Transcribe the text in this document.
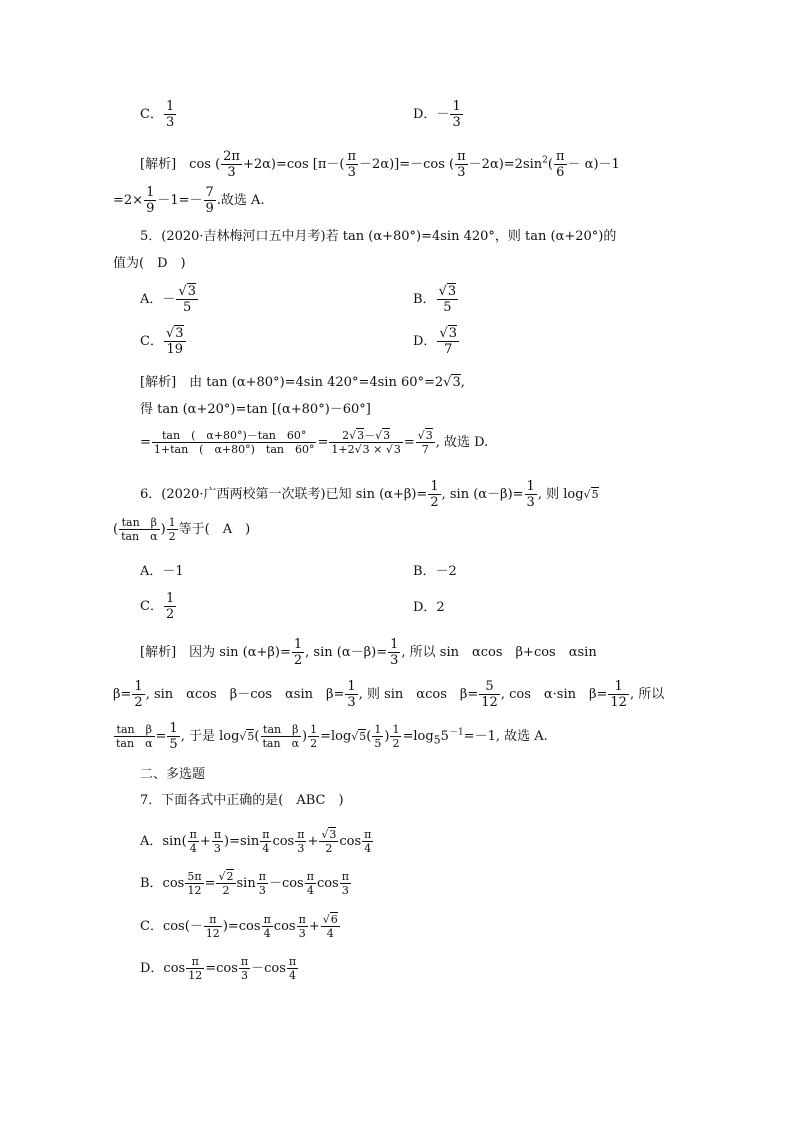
C． $\frac{1}{3}$	D．－ $\frac{1}{3}$
[解析]　 cos ( $\frac{2\pi}{3} +2\alpha)=\cos$ $[\pi-( \frac{\pi}{3} -2\alpha)]=-\cos$ ( $\frac{\pi}{3} -2\alpha)=2\sin^2( \frac{\pi}{6} - \alpha)-1$
$=2\times \frac{1}{9} -1=- \frac{7}{9}$ .故选 A.
5．(2020·吉林梅河口五中月考)若 tan (α+80°)=4sin 420°，则 tan (α+20°)的
值为(　D　)
A．－ $\frac{√3}{5}$	B． $\frac{√3}{5}$
C． $\frac{√3}{19}$	D． $\frac{√3}{7}$
[解析]　 由 tan (α+80°)=4sin 420°=4sin 60°=2√3,
得 tan (α+20°)=tan [(α+80°)－60°]
= $\frac{\tan ( \alpha+80^\circ)-\tan 60^\circ}{1+\tan ( \alpha+80^\circ) \tan 60^\circ} = \frac{2√3-√3}{1+2√3 \times √3} = \frac{√3}{7}$ , 故选 D.
6．(2020·广西两校第一次联考)已知 $\sin (\alpha+\beta)= \frac{1}{2}$ , $\sin (\alpha-\beta)= \frac{1}{3}$ , 则 log√5
( $\frac{\text{tan　β}}{\text{tan　α}}$ ) $\frac{1}{2}$ 等于(　A　)
A．－1	B．－2
C． $\frac{1}{2}$	D．2
[解析]　 因为 $\sin (\alpha+\beta)= \frac{1}{2}$ , $\sin (\alpha-\beta)= \frac{1}{3}$ , 所以 sin　αcos　β+cos　αsin
$\beta= \frac{1}{2}$ , sin　αcos　β－cos　αsin　$\beta= \frac{1}{3}$ , 则 sin　αcos　$\beta= \frac{5}{12}$ , cos　α·sin　$\beta= \frac{1}{12}$ , 所以
$\frac{\text{tan　β}}{\text{tan　α}} = \frac{1}{5}$ , 于是 $\log√5( \frac{\text{tan　β}}{\text{tan　α}}$ ) $\frac{1}{2} =\log√5( \frac{1}{5}$ ) $\frac{1}{2} =\log_55^{-1}=-1$, 故选 A.
二、多选题
7．下面各式中正确的是(　ABC　)
A．$\sin( \frac{\pi}{4} + \frac{\pi}{3} )=\sin \frac{\pi}{4}$ $\cos \frac{\pi}{3} + \frac{√3}{2}$ $\cos \frac{\pi}{4}$
B．$\cos \frac{5\pi}{12} = \frac{√2}{2}$ $\sin \frac{\pi}{3} -\cos \frac{\pi}{4}$ $\cos \frac{\pi}{3}$
C．$\cos(- \frac{\pi}{12} )=\cos \frac{\pi}{4}$ $\cos \frac{\pi}{3} + \frac{√6}{4}$
D．$\cos \frac{\pi}{12} =\cos \frac{\pi}{3} -\cos \frac{\pi}{4}$
